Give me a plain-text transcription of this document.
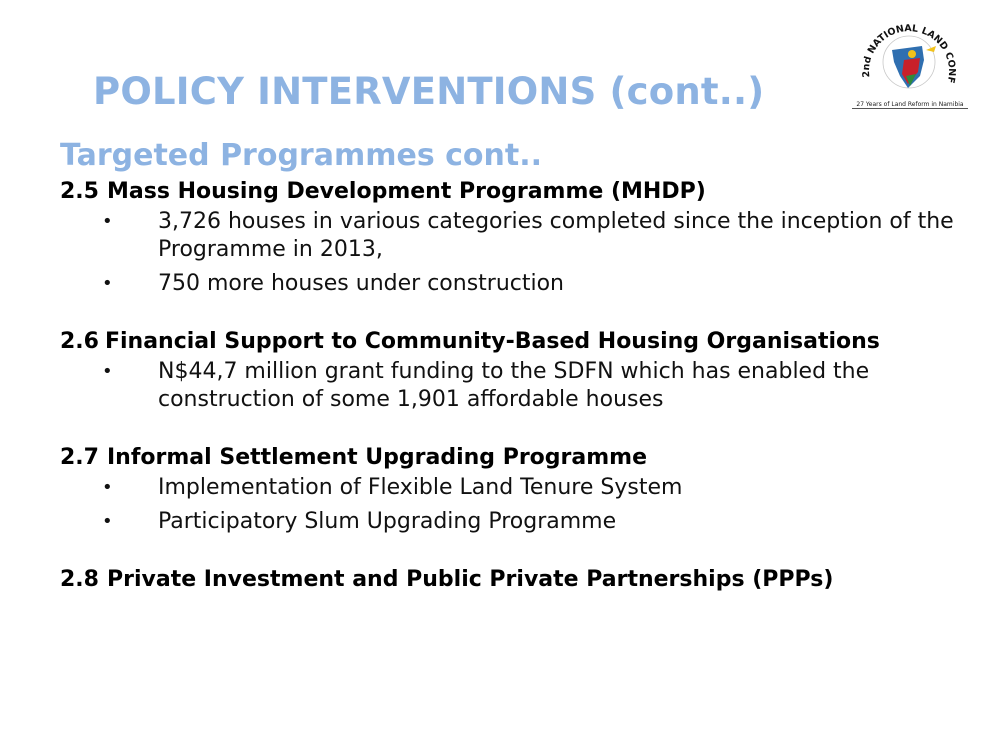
POLICY INTERVENTIONS (cont..)
Targeted Programmes cont..
2nd NATIONAL LAND CONF
27 Years of Land Reform in Namibia
2.5 Mass Housing Development Programme (MHDP)
• 3,726 houses in various categories completed since the inception of the Programme in 2013,
• 750 more houses under construction
2.6 Financial Support to Community-Based Housing Organisations
• N$44,7 million grant funding to the SDFN which has enabled the construction of some 1,901 affordable houses
2.7 Informal Settlement Upgrading Programme
• Implementation of Flexible Land Tenure System
• Participatory Slum Upgrading Programme
2.8 Private Investment and Public Private Partnerships (PPPs)
